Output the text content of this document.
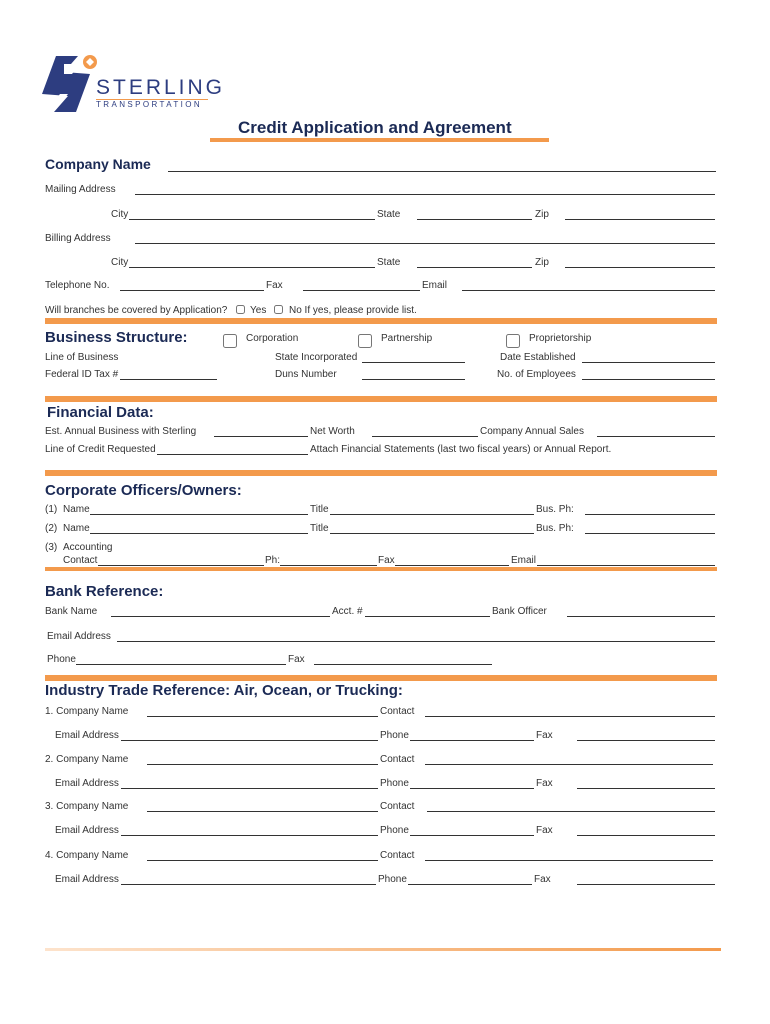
STERLING
TRANSPORTATION
Credit Application and Agreement
Company Name
Mailing Address
City	State	Zip
Billing Address
City	State	Zip
Telephone No.	Fax	Email
Will branches be covered by Application? Yes No If yes, please provide list.
Business Structure:	Corporation	Partnership	Proprietorship
Line of Business	State Incorporated	Date Established
Federal ID Tax #	Duns Number	No. of Employees
Financial Data:
Est. Annual Business with Sterling	Net Worth	Company Annual Sales
Line of Credit Requested	Attach Financial Statements (last two fiscal years) or Annual Report.
Corporate Officers/Owners:
(1) Name	Title	Bus. Ph:
(2) Name	Title	Bus. Ph:
(3) Accounting
Contact	Ph:	Fax	Email
Bank Reference:
Bank Name	Acct. #	Bank Officer
Email Address
Phone	Fax
Industry Trade Reference: Air, Ocean, or Trucking:
1. Company Name	Contact
Email Address	Phone	Fax
2. Company Name	Contact
Email Address	Phone	Fax
3. Company Name	Contact
Email Address	Phone	Fax
4. Company Name	Contact
Email Address	Phone	Fax
